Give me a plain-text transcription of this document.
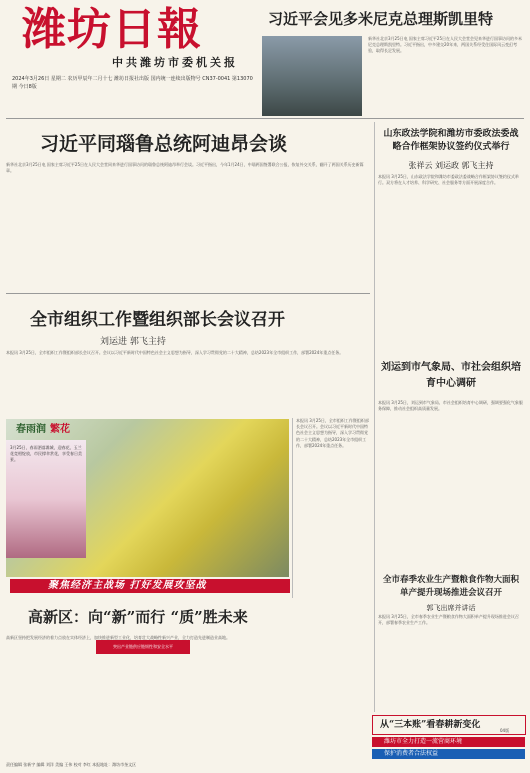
潍坊日報
中共潍坊市委机关报
2024年3月26日 星期二 农历甲辰年二月十七 潍坊日报社出版 国内统一连续出版物号 CN37-0041 第13070期 今日8版
习近平会见多米尼克总理斯凯里特
新华社北京3月25日电 国家主席习近平25日在人民大会堂会见来华进行国事访问的多米尼克总理斯凯里特。习近平指出，中多建交20年来，两国关系经受住国际风云变幻考验，取得长足发展。
习近平同瑙鲁总统阿迪昂会谈
新华社北京3月25日电 国家主席习近平25日在人民大会堂同来华进行国事访问的瑙鲁总统阿迪昂举行会谈。习近平指出，今年1月24日，中瑙两国签署联合公报，恢复外交关系，翻开了两国关系历史新篇章。
山东政法学院和潍坊市委政法委战略合作框架协议签约仪式举行
张祥云 刘运政 郭飞主持
本报讯 3月25日，山东政法学院和潍坊市委政法委战略合作框架协议签约仪式举行。双方将在人才培养、科学研究、社会服务等方面开展深度合作。
全市组织工作暨组织部长会议召开
刘运进 郭飞主持
本报讯 3月25日，全市组织工作暨组织部长会议召开。会议以习近平新时代中国特色社会主义思想为指导，深入学习贯彻党的二十大精神，总结2023年全市组织工作，部署2024年重点任务。
刘运到市气象局、市社会组织培育中心调研
本报讯 3月25日，刘运到市气象局、市社会组织培育中心调研，强调要强化气象服务保障，推动社会组织高质量发展。
春雨润 繁花
3月25日，春雨洒落潍城，迎春花、玉兰花竞相绽放，市民撑伞赏花，享受春日美景。
本报讯 3月25日，全市组织工作暨组织部长会议召开。会议以习近平新时代中国特色社会主义思想为指导，深入学习贯彻党的二十大精神，总结2023年全市组织工作，部署2024年重点任务。
聚焦经济主战场 打好发展攻坚战	全市春季农业生产暨粮食作物大面积单产提升现场推进会议召开
郭飞出席并讲话
本报讯 3月25日，全市春季农业生产暨粮食作物大面积单产提升现场推进会议召开，部署春季农业生产工作。
高新区：向“新”而行 “质”胜未来
突出产业链供应链韧性和安全水平
高新区坚持把发展经济的着力点放在实体经济上，加快推进新型工业化，培育壮大战略性新兴产业，全力打造先进制造业高地。
从“三本账”看春耕新变化
04版
潍坊市全力打造一流营商环境
保护消费者合法权益
责任编辑 张新宇 编辑 刘洋 美编 王伟 校对 李红 本报地址：潍坊市奎文区
